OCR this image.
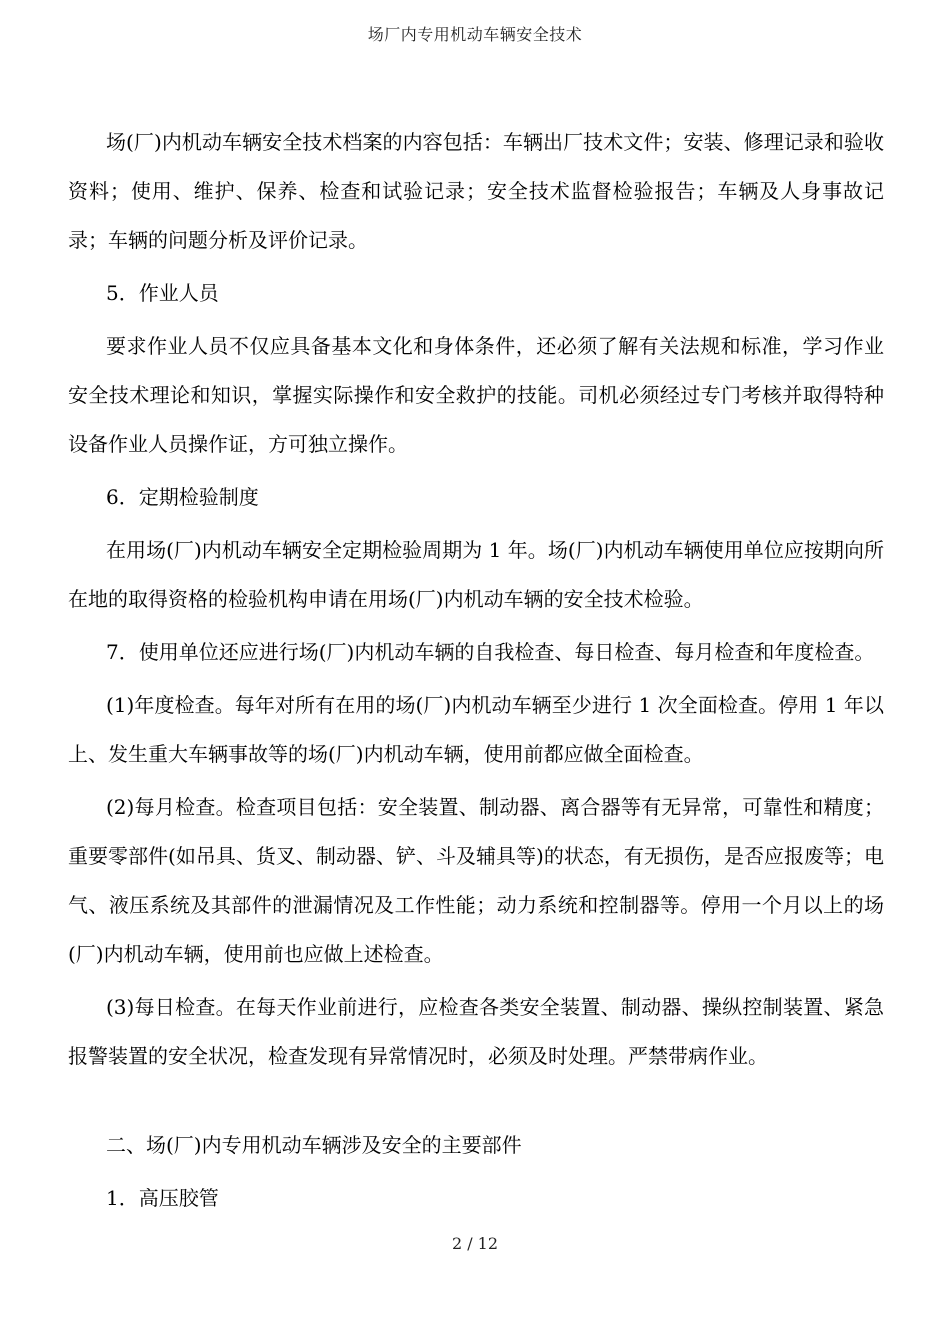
场厂内专用机动车辆安全技术

场(厂)内机动车辆安全技术档案的内容包括：车辆出厂技术文件；安装、修理记录和验收资料；使用、维护、保养、检查和试验记录；安全技术监督检验报告；车辆及人身事故记录；车辆的问题分析及评价记录。

5．作业人员

要求作业人员不仅应具备基本文化和身体条件，还必须了解有关法规和标准，学习作业安全技术理论和知识，掌握实际操作和安全救护的技能。司机必须经过专门考核并取得特种设备作业人员操作证，方可独立操作。

6．定期检验制度

在用场(厂)内机动车辆安全定期检验周期为 1 年。场(厂)内机动车辆使用单位应按期向所在地的取得资格的检验机构申请在用场(厂)内机动车辆的安全技术检验。

7．使用单位还应进行场(厂)内机动车辆的自我检查、每日检查、每月检查和年度检查。

(1)年度检查。每年对所有在用的场(厂)内机动车辆至少进行 1 次全面检查。停用 1 年以上、发生重大车辆事故等的场(厂)内机动车辆，使用前都应做全面检查。

(2)每月检查。检查项目包括：安全装置、制动器、离合器等有无异常，可靠性和精度；重要零部件(如吊具、货叉、制动器、铲、斗及辅具等)的状态，有无损伤，是否应报废等；电气、液压系统及其部件的泄漏情况及工作性能；动力系统和控制器等。停用一个月以上的场(厂)内机动车辆，使用前也应做上述检查。

(3)每日检查。在每天作业前进行，应检查各类安全装置、制动器、操纵控制装置、紧急报警装置的安全状况，检查发现有异常情况时，必须及时处理。严禁带病作业。

二、场(厂)内专用机动车辆涉及安全的主要部件

1．高压胶管

2 / 12
